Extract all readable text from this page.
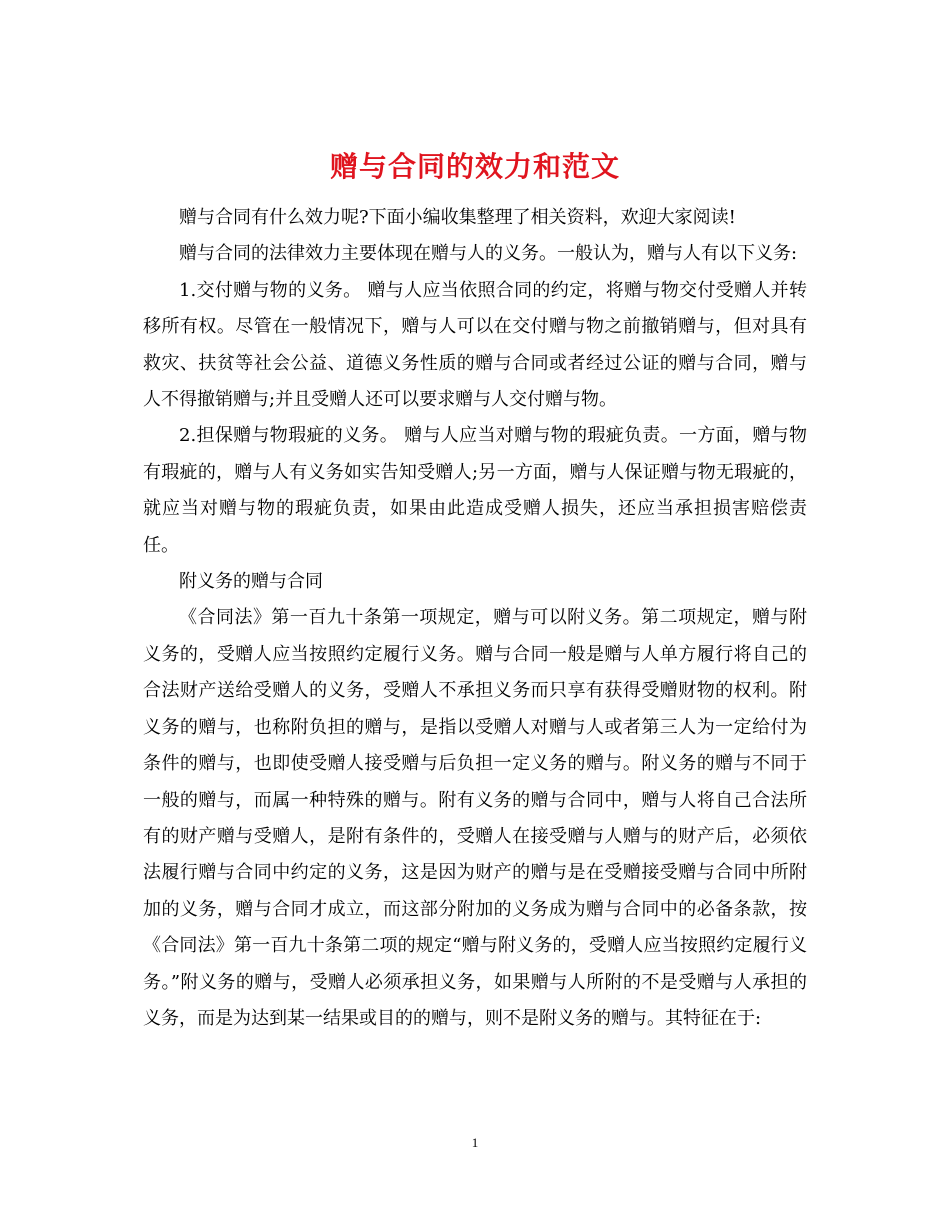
赠与合同的效力和范文

赠与合同有什么效力呢?下面小编收集整理了相关资料，欢迎大家阅读!

赠与合同的法律效力主要体现在赠与人的义务。一般认为，赠与人有以下义务:

1.交付赠与物的义务。 赠与人应当依照合同的约定，将赠与物交付受赠人并转移所有权。尽管在一般情况下，赠与人可以在交付赠与物之前撤销赠与，但对具有救灾、扶贫等社会公益、道德义务性质的赠与合同或者经过公证的赠与合同，赠与人不得撤销赠与;并且受赠人还可以要求赠与人交付赠与物。

2.担保赠与物瑕疵的义务。 赠与人应当对赠与物的瑕疵负责。一方面，赠与物有瑕疵的，赠与人有义务如实告知受赠人;另一方面，赠与人保证赠与物无瑕疵的，就应当对赠与物的瑕疵负责，如果由此造成受赠人损失，还应当承担损害赔偿责任。

附义务的赠与合同

《合同法》第一百九十条第一项规定，赠与可以附义务。第二项规定，赠与附义务的，受赠人应当按照约定履行义务。赠与合同一般是赠与人单方履行将自己的合法财产送给受赠人的义务，受赠人不承担义务而只享有获得受赠财物的权利。附义务的赠与，也称附负担的赠与，是指以受赠人对赠与人或者第三人为一定给付为条件的赠与，也即使受赠人接受赠与后负担一定义务的赠与。附义务的赠与不同于一般的赠与，而属一种特殊的赠与。附有义务的赠与合同中，赠与人将自己合法所有的财产赠与受赠人，是附有条件的，受赠人在接受赠与人赠与的财产后，必须依法履行赠与合同中约定的义务，这是因为财产的赠与是在受赠接受赠与合同中所附加的义务，赠与合同才成立，而这部分附加的义务成为赠与合同中的必备条款，按《合同法》第一百九十条第二项的规定“赠与附义务的，受赠人应当按照约定履行义务。”附义务的赠与，受赠人必须承担义务，如果赠与人所附的不是受赠与人承担的义务，而是为达到某一结果或目的的赠与，则不是附义务的赠与。其特征在于:

1
